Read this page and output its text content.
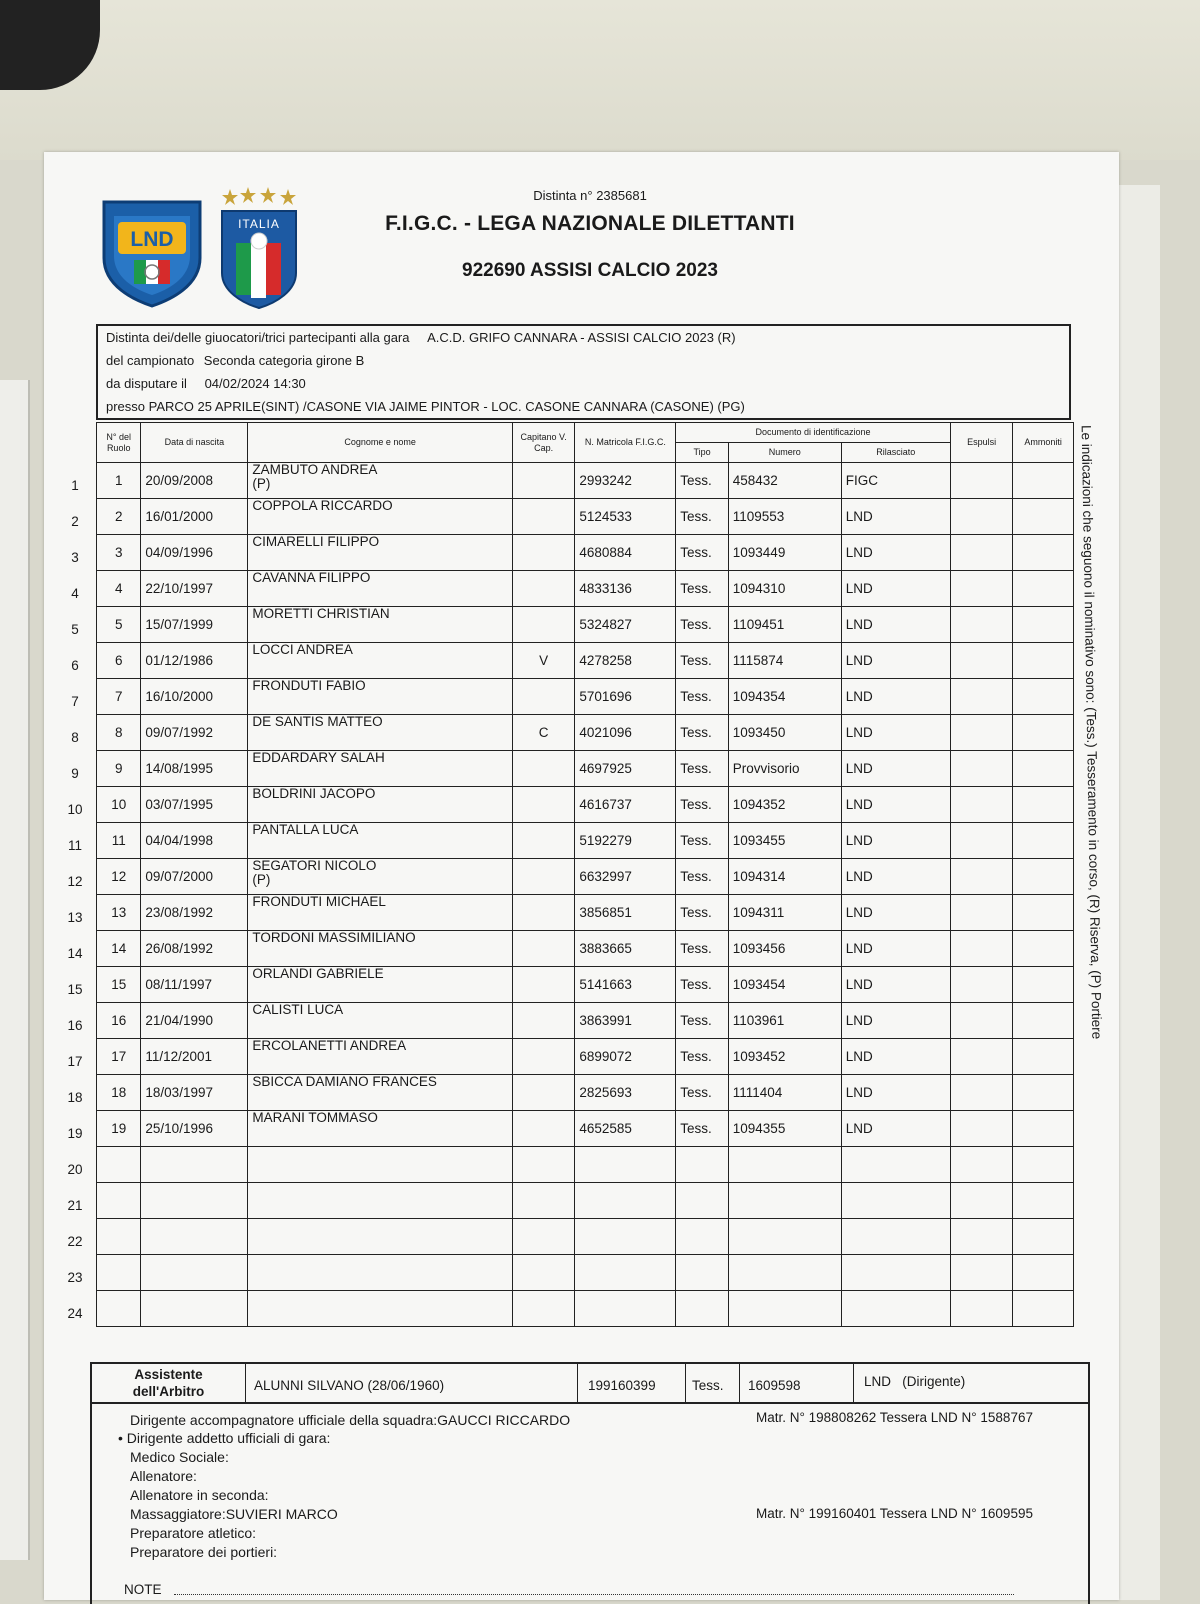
LND
ITALIA
Distinta n° 2385681
F.I.G.C. - LEGA NAZIONALE DILETTANTI
922690 ASSISI CALCIO 2023
Distinta dei/delle giuocatori/trici partecipanti alla gara A.C.D. GRIFO CANNARA - ASSISI CALCIO 2023 (R)
del campionato Seconda categoria girone B
da disputare il 04/02/2024 14:30
presso PARCO 25 APRILE(SINT) /CASONE VIA JAIME PINTOR - LOC. CASONE CANNARA (CASONE) (PG)
1
2
3
4
5
6
7
8
9
10
11
12
13
14
15
16
17
18
19
20
21
22
23
24
N° del Ruolo	Data di nascita	Cognome e nome	Capitano V. Cap.	N. Matricola F.I.G.C.	Documento di identificazione			Espulsi	Ammoniti
					Tipo	Numero	Rilasciato		
1	20/09/2008	ZAMBUTO ANDREA
(P)		2993242	Tess.	458432	FIGC		
2	16/01/2000	COPPOLA RICCARDO		5124533	Tess.	1109553	LND		
3	04/09/1996	CIMARELLI FILIPPO		4680884	Tess.	1093449	LND		
4	22/10/1997	CAVANNA FILIPPO		4833136	Tess.	1094310	LND		
5	15/07/1999	MORETTI CHRISTIAN		5324827	Tess.	1109451	LND		
6	01/12/1986	LOCCI ANDREA	V	4278258	Tess.	1115874	LND		
7	16/10/2000	FRONDUTI FABIO		5701696	Tess.	1094354	LND		
8	09/07/1992	DE SANTIS MATTEO	C	4021096	Tess.	1093450	LND		
9	14/08/1995	EDDARDARY SALAH		4697925	Tess.	Provvisorio	LND		
10	03/07/1995	BOLDRINI JACOPO		4616737	Tess.	1094352	LND		
11	04/04/1998	PANTALLA LUCA		5192279	Tess.	1093455	LND		
12	09/07/2000	SEGATORI NICOLO
(P)		6632997	Tess.	1094314	LND		
13	23/08/1992	FRONDUTI MICHAEL		3856851	Tess.	1094311	LND		
14	26/08/1992	TORDONI MASSIMILIANO		3883665	Tess.	1093456	LND		
15	08/11/1997	ORLANDI GABRIELE		5141663	Tess.	1093454	LND		
16	21/04/1990	CALISTI LUCA		3863991	Tess.	1103961	LND		
17	11/12/2001	ERCOLANETTI ANDREA		6899072	Tess.	1093452	LND		
18	18/03/1997	SBICCA DAMIANO FRANCES		2825693	Tess.	1111404	LND		
19	25/10/1996	MARANI TOMMASO		4652585	Tess.	1094355	LND		

Assistente dell'Arbitro	ALUNNI SILVANO (28/06/1960)	199160399	Tess.	1609598	LND   (Dirigente)
Dirigente accompagnatore ufficiale della squadra:GAUCCI RICCARDO	Matr. N° 198808262 Tessera LND N° 1588767
• Dirigente addetto ufficiali di gara:
Medico Sociale:
Allenatore:
Allenatore in seconda:
Massaggiatore:SUVIERI MARCO	Matr. N° 199160401 Tessera LND N° 1609595
Preparatore atletico:
Preparatore dei portieri:
NOTE
Le indicazioni che seguono il nominativo sono: (Tess.) Tesseramento in corso, (R) Riserva, (P) Portiere
